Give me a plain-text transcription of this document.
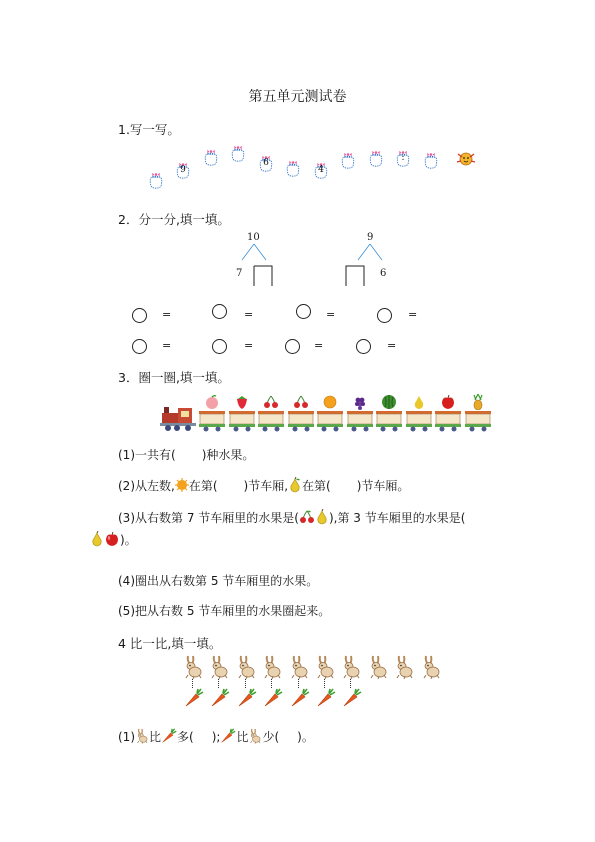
第五单元测试卷
1.写一写。
9
6
4
:
2．分一分,填一填。
10
7
9
6
=	=	=	=
=	=	=	=
3．圈一圈,填一填。
(1)一共有( )种水果。
(2)从左数, 在第( )节车厢, 在第( )节车厢。
(3)从右数第 7 节车厢里的水果是(	),第 3 节车厢里的水果是(
)。
(4)圈出从右数第 5 节车厢里的水果。
(5)把从右数 5 节车厢里的水果圈起来。
4 比一比,填一填。
(1) 比 多( ); 比 少( )。
